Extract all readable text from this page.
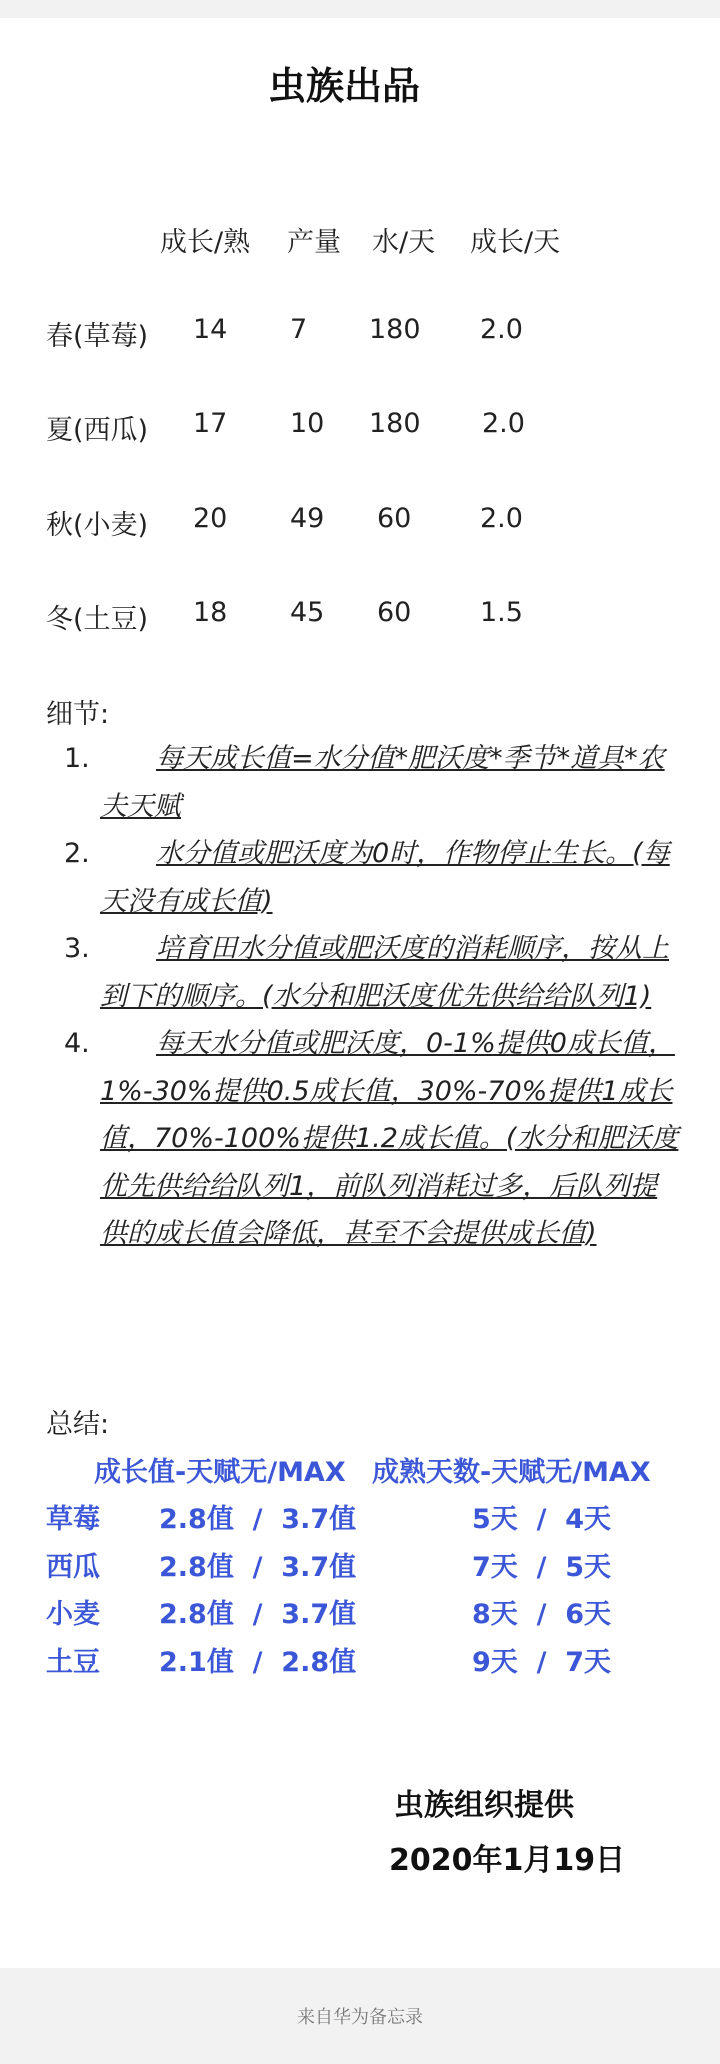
虫族出品
成长/熟 产量 水/天 成长/天
春(草莓) 14 7 180 2.0
夏(西瓜) 17 10 180 2.0
秋(小麦) 20 49 60	2.0
冬(土豆) 18 45 60	1.5
细节:
1. 每天成长值=水分值*肥沃度*季节*道具*农夫天赋
2. 水分值或肥沃度为0时，作物停止生长。(每天没有成长值)
3. 培育田水分值或肥沃度的消耗顺序，按从上到下的顺序。(水分和肥沃度优先供给给队列1)
4. 每天水分值或肥沃度，0-1%提供0成长值，1%-30%提供0.5成长值，30%-70%提供1成长值，70%-100%提供1.2成长值。(水分和肥沃度优先供给给队列1，前队列消耗过多，后队列提供的成长值会降低，甚至不会提供成长值)
总结:
成长值-天赋无/MAX 成熟天数-天赋无/MAX
草莓 2.8值  /  3.7值	5天  /  4天
西瓜 2.8值  /  3.7值	7天  /  5天
小麦 2.8值  /  3.7值	8天  /  6天
土豆 2.1值  /  2.8值	9天  /  7天
虫族组织提供
2020年1月19日
来自华为备忘录
